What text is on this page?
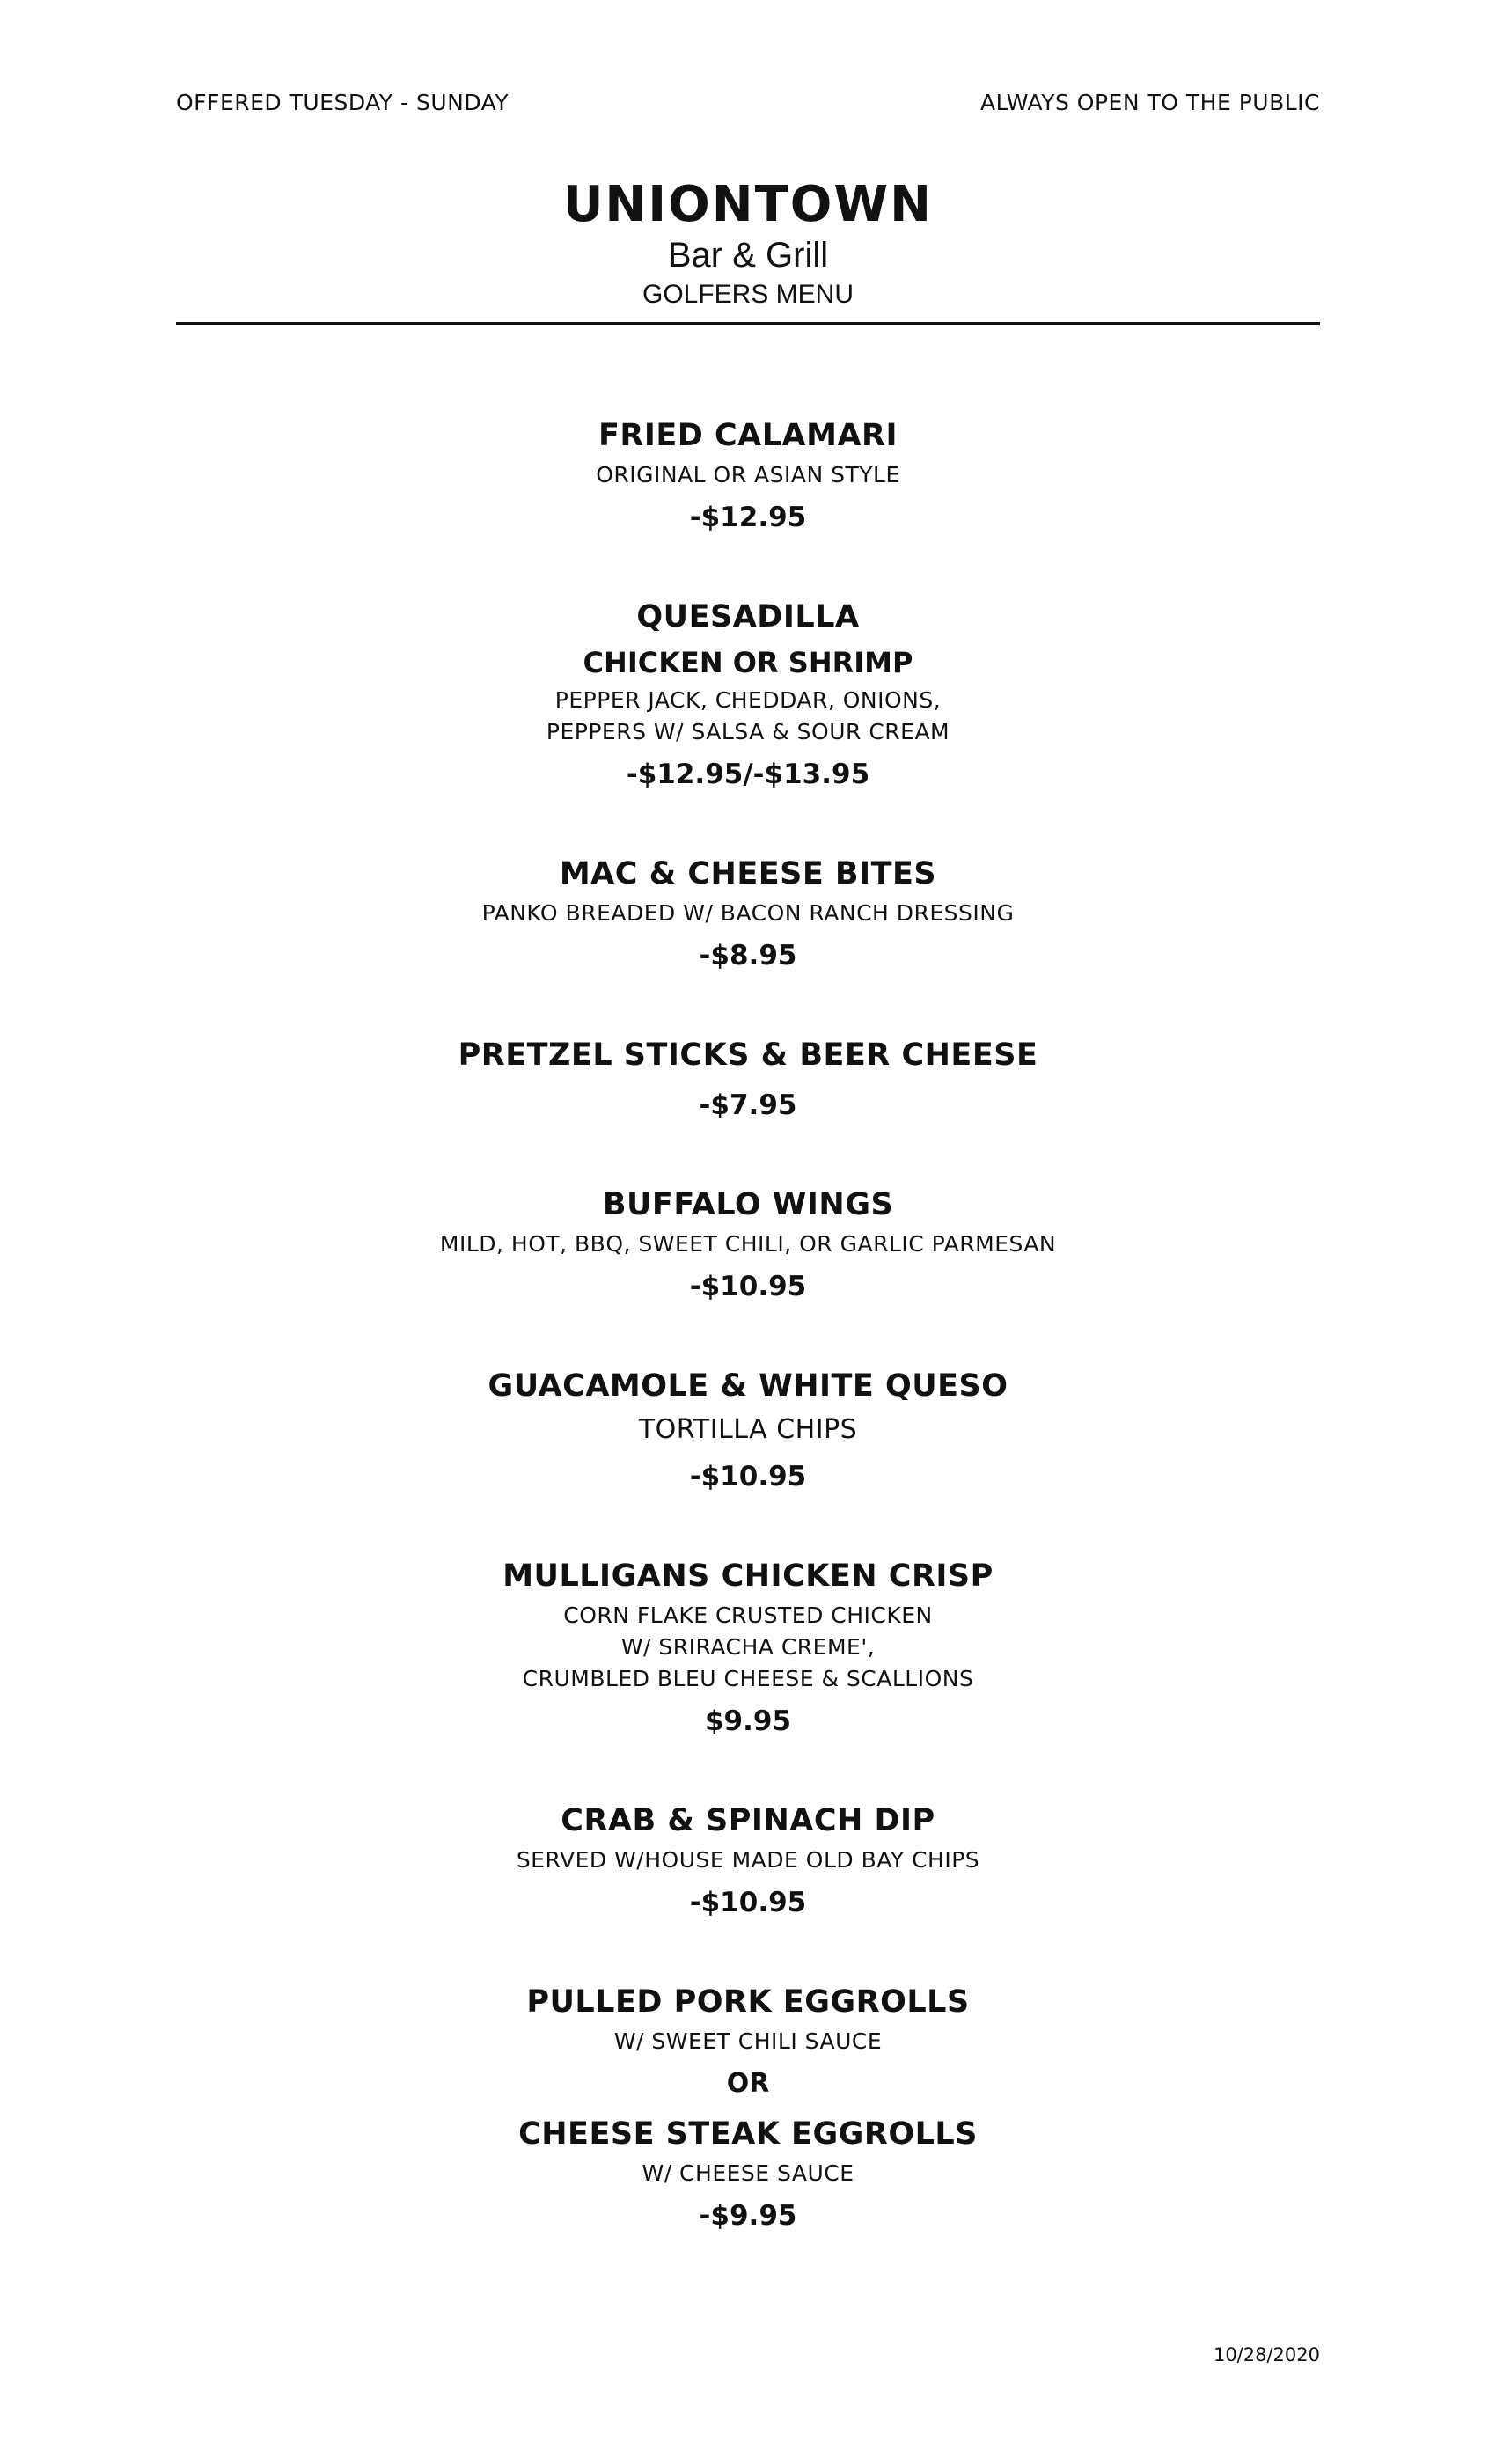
OFFERED TUESDAY - SUNDAY	ALWAYS OPEN TO THE PUBLIC
UNIONTOWN
Bar & Grill
GOLFERS MENU
FRIED CALAMARI
ORIGINAL OR ASIAN STYLE
-$12.95
QUESADILLA
CHICKEN OR SHRIMP
PEPPER JACK, CHEDDAR, ONIONS,
PEPPERS W/ SALSA & SOUR CREAM
-$12.95/-$13.95
MAC & CHEESE BITES
PANKO BREADED W/ BACON RANCH DRESSING
-$8.95
PRETZEL STICKS & BEER CHEESE
-$7.95
BUFFALO WINGS
MILD, HOT, BBQ, SWEET CHILI, OR GARLIC PARMESAN
-$10.95
GUACAMOLE & WHITE QUESO
TORTILLA CHIPS
-$10.95
MULLIGANS CHICKEN CRISP
CORN FLAKE CRUSTED CHICKEN
W/ SRIRACHA CREME',
CRUMBLED BLEU CHEESE & SCALLIONS
$9.95
CRAB & SPINACH DIP
SERVED W/HOUSE MADE OLD BAY CHIPS
-$10.95
PULLED PORK EGGROLLS
W/ SWEET CHILI SAUCE
OR
CHEESE STEAK EGGROLLS
W/ CHEESE SAUCE
-$9.95
10/28/2020
